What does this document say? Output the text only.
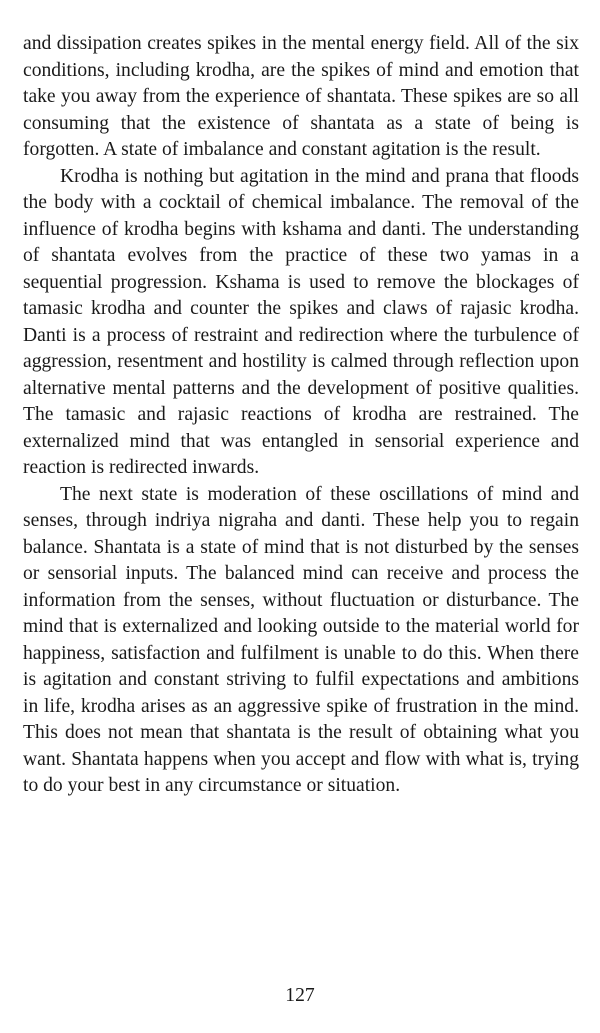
and dissipation creates spikes in the mental energy field. All of the six conditions, including krodha, are the spikes of mind and emotion that take you away from the experience of shantata. These spikes are so all consuming that the existence of shantata as a state of being is forgotten. A state of imbalance and constant agitation is the result.

Krodha is nothing but agitation in the mind and prana that floods the body with a cocktail of chemical imbalance. The removal of the influence of krodha begins with kshama and danti. The understanding of shantata evolves from the practice of these two yamas in a sequential progression. Kshama is used to remove the blockages of tamasic krodha and counter the spikes and claws of rajasic krodha. Danti is a process of restraint and redirection where the turbulence of aggression, resentment and hostility is calmed through reflection upon alternative mental patterns and the development of positive qualities. The tamasic and rajasic reactions of krodha are restrained. The externalized mind that was entangled in sensorial experience and reaction is redirected inwards.

The next state is moderation of these oscillations of mind and senses, through indriya nigraha and danti. These help you to regain balance. Shantata is a state of mind that is not disturbed by the senses or sensorial inputs. The balanced mind can receive and process the information from the senses, without fluctuation or disturbance. The mind that is externalized and looking outside to the material world for happiness, satisfaction and fulfilment is unable to do this. When there is agitation and constant striving to fulfil expectations and ambitions in life, krodha arises as an aggressive spike of frustration in the mind. This does not mean that shantata is the result of obtaining what you want. Shantata happens when you accept and flow with what is, trying to do your best in any circumstance or situation.

127
